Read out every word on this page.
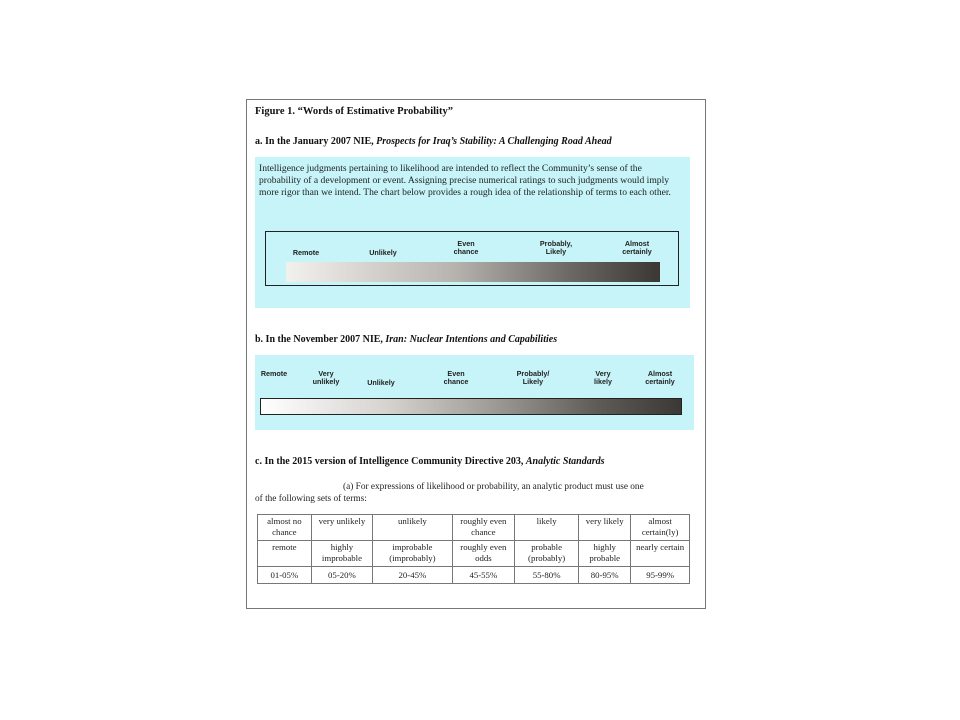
Figure 1. “Words of Estimative Probability”
a. In the January 2007 NIE, Prospects for Iraq’s Stability: A Challenging Road Ahead

Intelligence judgments pertaining to likelihood are intended to reflect the Community’s sense of the probability of a development or event. Assigning precise numerical ratings to such judgments would imply more rigor than we intend. The chart below provides a rough idea of the relationship of terms to each other.

Remote	Unlikely
Even chance
Probably, Likely
Almost certainly
b. In the November 2007 NIE, Iran: Nuclear Intentions and Capabilities
Remote	Very unlikely	Unlikely
Even chance
Probably/ Likely
Very likely
Almost certainly
c. In the 2015 version of Intelligence Community Directive 203, Analytic Standards

(a) For expressions of likelihood or probability, an analytic product must use one
of the following sets of terms:

almost no chance	very unlikely	unlikely	roughly even chance	likely	very likely	almost certain(ly)
remote	highly improbable	improbable (improbably)	roughly even odds	probable (probably)	highly probable	nearly certain
01-05%	05-20%	20-45%	45-55%	55-80%	80-95%	95-99%
